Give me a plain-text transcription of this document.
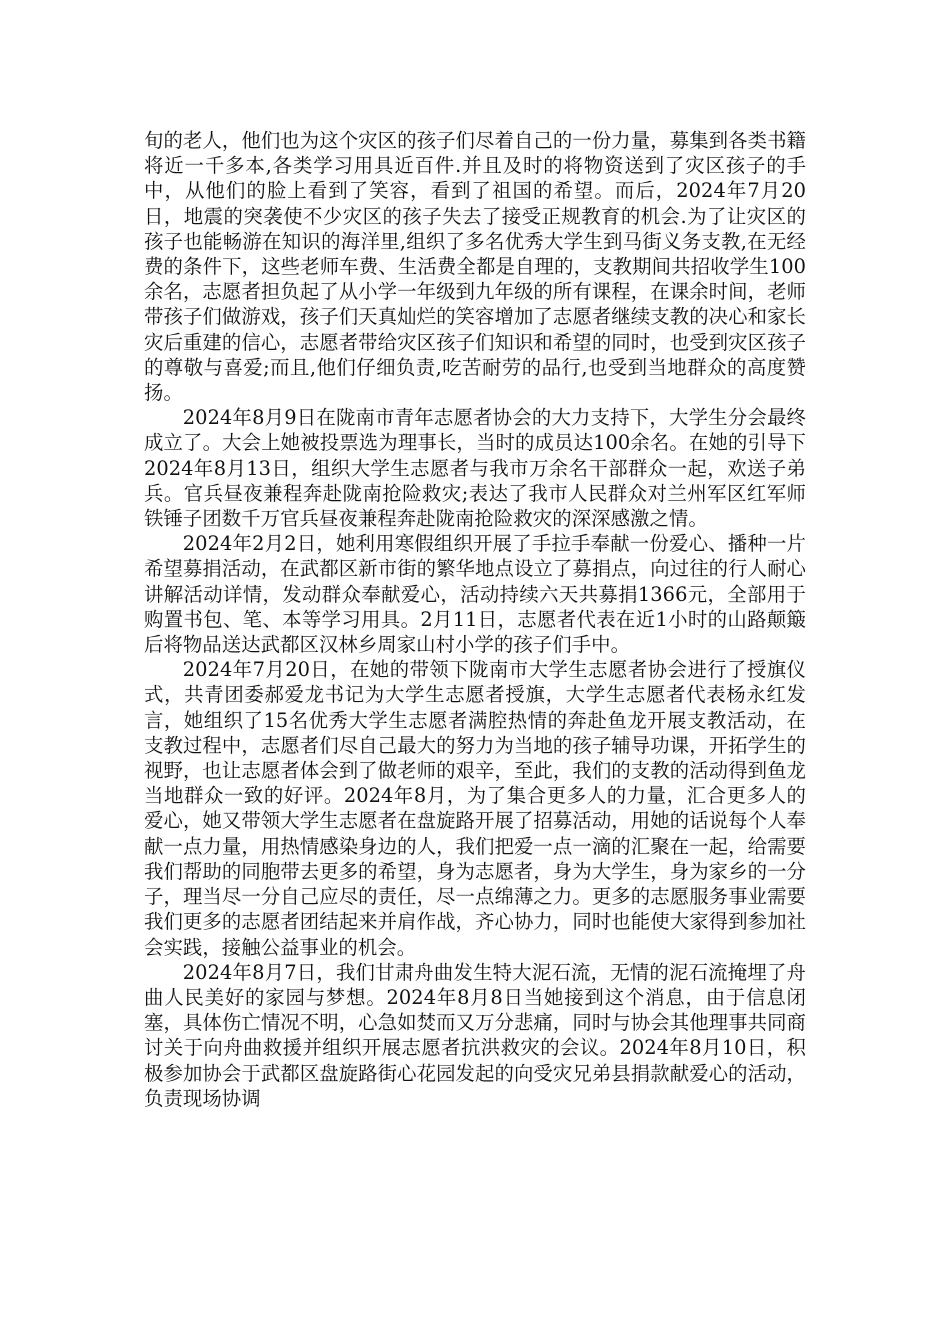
旬的老人，他们也为这个灾区的孩子们尽着自己的一份力量，募集到各类书籍将近一千多本,各类学习用具近百件.并且及时的将物资送到了灾区孩子的手中，从他们的脸上看到了笑容，看到了祖国的希望。而后，2024年7月20日，地震的突袭使不少灾区的孩子失去了接受正规教育的机会.为了让灾区的孩子也能畅游在知识的海洋里,组织了多名优秀大学生到马街义务支教,在无经费的条件下，这些老师车费、生活费全都是自理的，支教期间共招收学生100余名，志愿者担负起了从小学一年级到九年级的所有课程，在课余时间，老师带孩子们做游戏，孩子们天真灿烂的笑容增加了志愿者继续支教的决心和家长灾后重建的信心，志愿者带给灾区孩子们知识和希望的同时，也受到灾区孩子的尊敬与喜爱;而且,他们仔细负责,吃苦耐劳的品行,也受到当地群众的高度赞扬。

2024年8月9日在陇南市青年志愿者协会的大力支持下，大学生分会最终成立了。大会上她被投票选为理事长，当时的成员达100余名。在她的引导下2024年8月13日，组织大学生志愿者与我市万余名干部群众一起，欢送子弟兵。官兵昼夜兼程奔赴陇南抢险救灾;表达了我市人民群众对兰州军区红军师铁锤子团数千万官兵昼夜兼程奔赴陇南抢险救灾的深深感激之情。

2024年2月2日，她利用寒假组织开展了手拉手奉献一份爱心、播种一片希望募捐活动，在武都区新市街的繁华地点设立了募捐点，向过往的行人耐心讲解活动详情，发动群众奉献爱心，活动持续六天共募捐1366元，全部用于购置书包、笔、本等学习用具。2月11日，志愿者代表在近1小时的山路颠簸后将物品送达武都区汉林乡周家山村小学的孩子们手中。

2024年7月20日，在她的带领下陇南市大学生志愿者协会进行了授旗仪式，共青团委郝爱龙书记为大学生志愿者授旗，大学生志愿者代表杨永红发言，她组织了15名优秀大学生志愿者满腔热情的奔赴鱼龙开展支教活动，在支教过程中，志愿者们尽自己最大的努力为当地的孩子辅导功课，开拓学生的视野，也让志愿者体会到了做老师的艰辛，至此，我们的支教的活动得到鱼龙当地群众一致的好评。2024年8月，为了集合更多人的力量，汇合更多人的爱心，她又带领大学生志愿者在盘旋路开展了招募活动，用她的话说每个人奉献一点力量，用热情感染身边的人，我们把爱一点一滴的汇聚在一起，给需要我们帮助的同胞带去更多的希望，身为志愿者，身为大学生，身为家乡的一分子，理当尽一分自己应尽的责任，尽一点绵薄之力。更多的志愿服务事业需要我们更多的志愿者团结起来并肩作战，齐心协力，同时也能使大家得到参加社会实践，接触公益事业的机会。

2024年8月7日，我们甘肃舟曲发生特大泥石流，无情的泥石流掩埋了舟曲人民美好的家园与梦想。2024年8月8日当她接到这个消息，由于信息闭塞，具体伤亡情况不明，心急如焚而又万分悲痛，同时与协会其他理事共同商讨关于向舟曲救援并组织开展志愿者抗洪救灾的会议。2024年8月10日，积极参加协会于武都区盘旋路街心花园发起的向受灾兄弟县捐款献爱心的活动，负责现场协调
